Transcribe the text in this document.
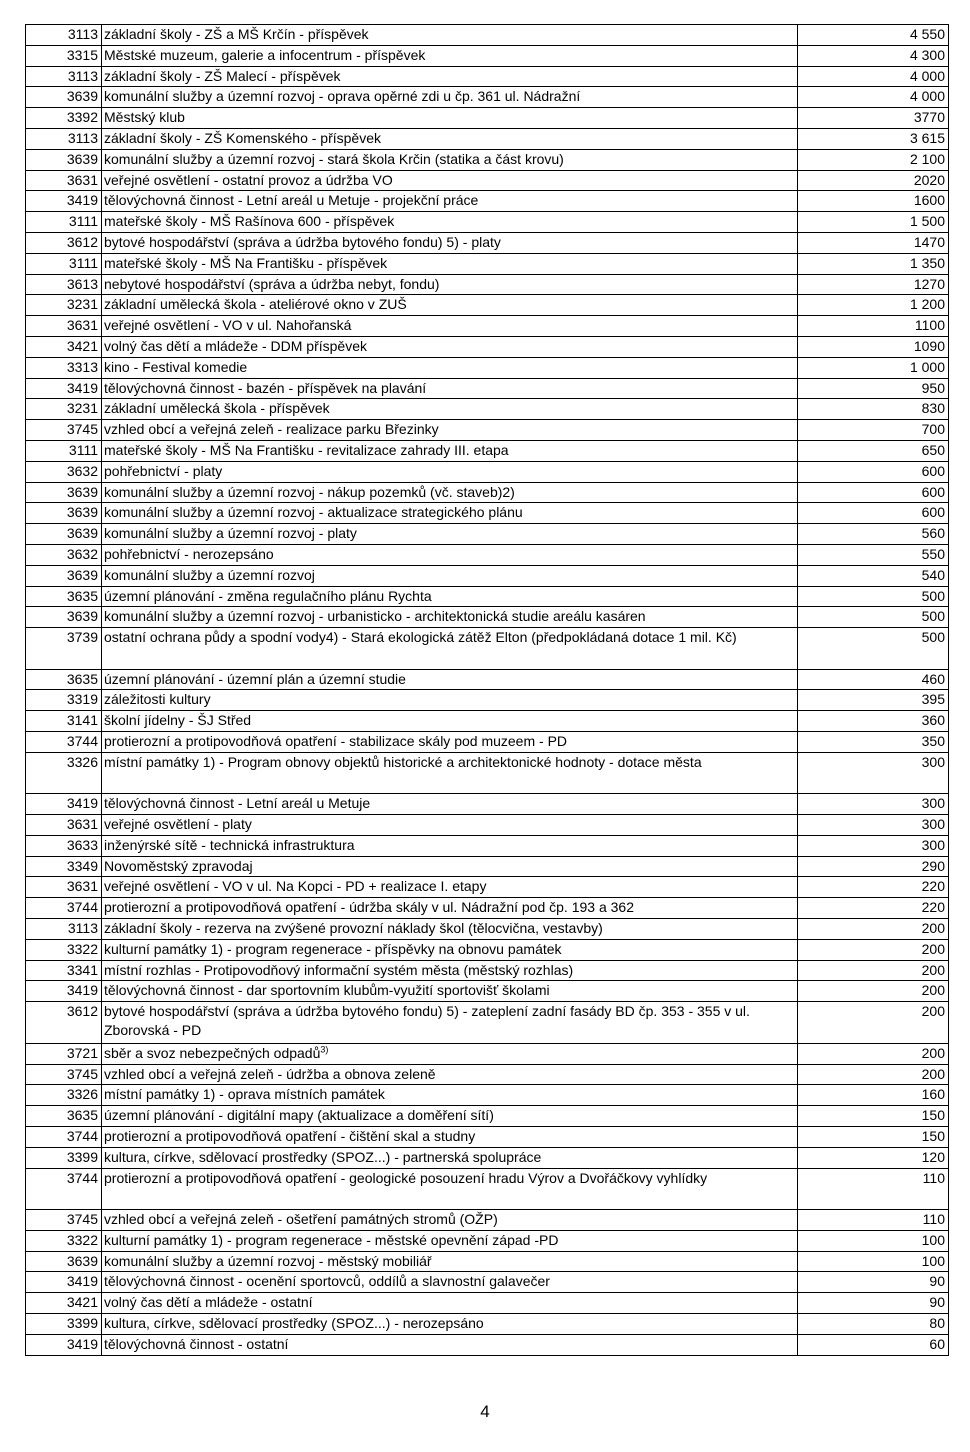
3113	základní školy - ZŠ a MŠ Krčín - příspěvek	4 550
3315	Městské muzeum, galerie a infocentrum - příspěvek	4 300
3113	základní školy - ZŠ Malecí - příspěvek	4 000
3639	komunální služby a územní rozvoj - oprava opěrné zdi u čp. 361 ul. Nádražní	4 000
3392	Městský klub	3770
3113	základní školy - ZŠ Komenského - příspěvek	3 615
3639	komunální služby a územní rozvoj - stará škola Krčin (statika a část krovu)	2 100
3631	veřejné osvětlení - ostatní provoz a údržba VO	2020
3419	tělovýchovná činnost - Letní areál u Metuje - projekční práce	1600
3111	mateřské školy - MŠ Rašínova 600 - příspěvek	1 500
3612	bytové hospodářství (správa a údržba bytového fondu) 5) - platy	1470
3111	mateřské školy - MŠ Na Františku - příspěvek	1 350
3613	nebytové hospodářství (správa a údržba nebyt, fondu)	1270
3231	základní umělecká škola - ateliérové okno v ZUŠ	1 200
3631	veřejné osvětlení - VO v ul. Nahořanská	1100
3421	volný čas dětí a mládeže - DDM příspěvek	1090
3313	kino - Festival komedie	1 000
3419	tělovýchovná činnost - bazén - příspěvek na plavání	950
3231	základní umělecká škola - příspěvek	830
3745	vzhled obcí a veřejná zeleň - realizace parku Březinky	700
3111	mateřské školy - MŠ Na Františku - revitalizace zahrady III. etapa	650
3632	pohřebnictví - platy	600
3639	komunální služby a územní rozvoj - nákup pozemků (vč. staveb)2)	600
3639	komunální služby a územní rozvoj - aktualizace strategického plánu	600
3639	komunální služby a územní rozvoj - platy	560
3632	pohřebnictví - nerozepsáno	550
3639	komunální služby a územní rozvoj	540
3635	územní plánování - změna regulačního plánu Rychta	500
3639	komunální služby a územní rozvoj - urbanisticko - architektonická studie areálu kasáren	500
3739	ostatní ochrana půdy a spodní vody4) - Stará ekologická zátěž Elton (předpokládaná dotace 1 mil. Kč)	500
3635	územní plánování - územní plán a územní studie	460
3319	záležitosti kultury	395
3141	školní jídelny - ŠJ Střed	360
3744	protierozní a protipovodňová opatření - stabilizace skály pod muzeem - PD	350
3326	místní památky 1) - Program obnovy objektů historické a architektonické hodnoty - dotace města	300
3419	tělovýchovná činnost - Letní areál u Metuje	300
3631	veřejné osvětlení - platy	300
3633	inženýrské sítě - technická infrastruktura	300
3349	Novoměstský zpravodaj	290
3631	veřejné osvětlení - VO v ul. Na Kopci - PD + realizace I. etapy	220
3744	protierozní a protipovodňová opatření - údržba skály v ul. Nádražní pod čp. 193 a 362	220
3113	základní školy - rezerva na zvýšené provozní náklady škol (tělocvična, vestavby)	200
3322	kulturní památky 1) - program regenerace - příspěvky na obnovu památek	200
3341	místní rozhlas - Protipovodňový informační systém města (městský rozhlas)	200
3419	tělovýchovná činnost - dar sportovním klubům-využití sportovišť školami	200
3612	bytové hospodářství (správa a údržba bytového fondu) 5) - zateplení zadní fasády BD čp. 353 - 355 v ul. Zborovská - PD	200
3721	sběr a svoz nebezpečných odpadů$^{3)}$	200
3745	vzhled obcí a veřejná zeleň - údržba a obnova zeleně	200
3326	místní památky 1) - oprava místních památek	160
3635	územní plánování - digitální mapy (aktualizace a doměření sítí)	150
3744	protierozní a protipovodňová opatření - čištění skal a studny	150
3399	kultura, církve, sdělovací prostředky (SPOZ...) - partnerská spolupráce	120
3744	protierozní a protipovodňová opatření - geologické posouzení hradu Výrov a Dvořáčkovy vyhlídky	110
3745	vzhled obcí a veřejná zeleň - ošetření památných stromů (OŽP)	110
3322	kulturní památky 1) - program regenerace - městské opevnění západ -PD	100
3639	komunální služby a územní rozvoj - městský mobiliář	100
3419	tělovýchovná činnost - ocenění sportovců, oddílů a slavnostní galavečer	90
3421	volný čas dětí a mládeže - ostatní	90
3399	kultura, církve, sdělovací prostředky (SPOZ...) - nerozepsáno	80
3419	tělovýchovná činnost - ostatní	60
4
